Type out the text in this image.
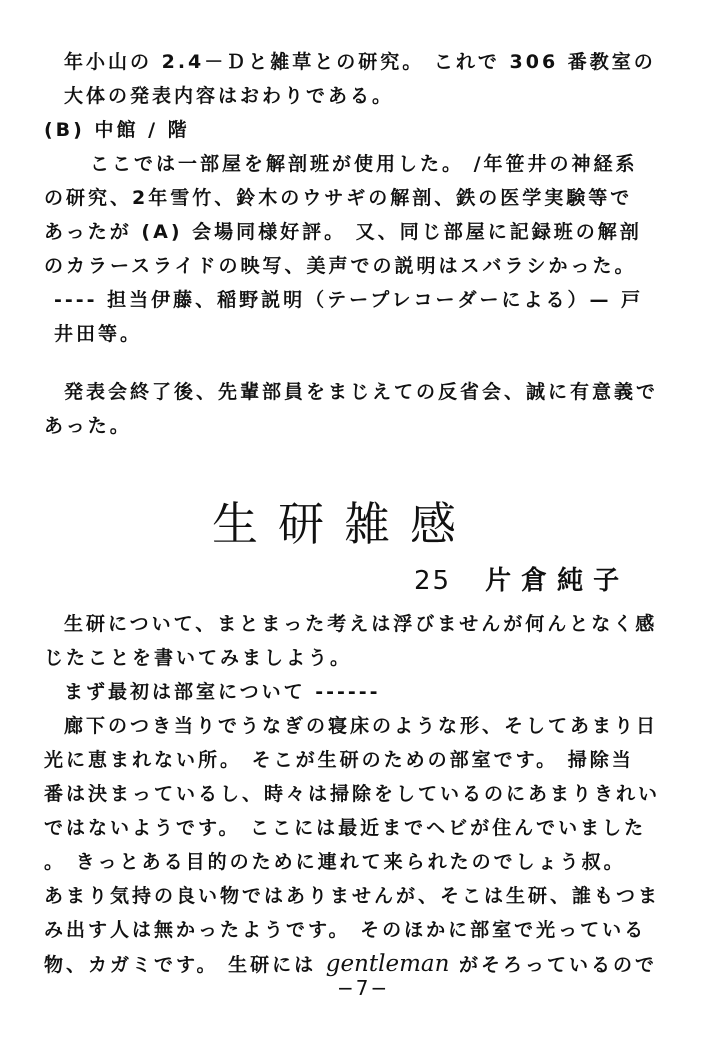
年小山の 2.4－Ｄと雑草との研究。 これで 306 番教室の
大体の発表内容はおわりである。
(B) 中館 / 階
ここでは一部屋を解剖班が使用した。 /年笹井の神経系
の研究、2年雪竹、鈴木のウサギの解剖、鉄の医学実験等で
あったが (A) 会場同様好評。 又、同じ部屋に記録班の解剖
のカラースライドの映写、美声での説明はスバラシかった。
---- 担当伊藤、稲野説明（テープレコーダーによる）— 戸
井田等。
発表会終了後、先輩部員をまじえての反省会、誠に有意義で
あった。
生研雑感
25 片倉純子
生研について、まとまった考えは浮びませんが何んとなく感
じたことを書いてみましよう。
まず最初は部室について ------
廊下のつき当りでうなぎの寝床のような形、そしてあまり日
光に恵まれない所。 そこが生研のための部室です。 掃除当
番は決まっているし、時々は掃除をしているのにあまりきれい
ではないようです。 ここには最近までヘビが住んでいました
。 きっとある目的のために連れて来られたのでしょう叔。
あまり気持の良い物ではありませんが、そこは生研、誰もつま
み出す人は無かったようです。 そのほかに部室で光っている
物、カガミです。 生研には gentleman がそろっているので
−7−
